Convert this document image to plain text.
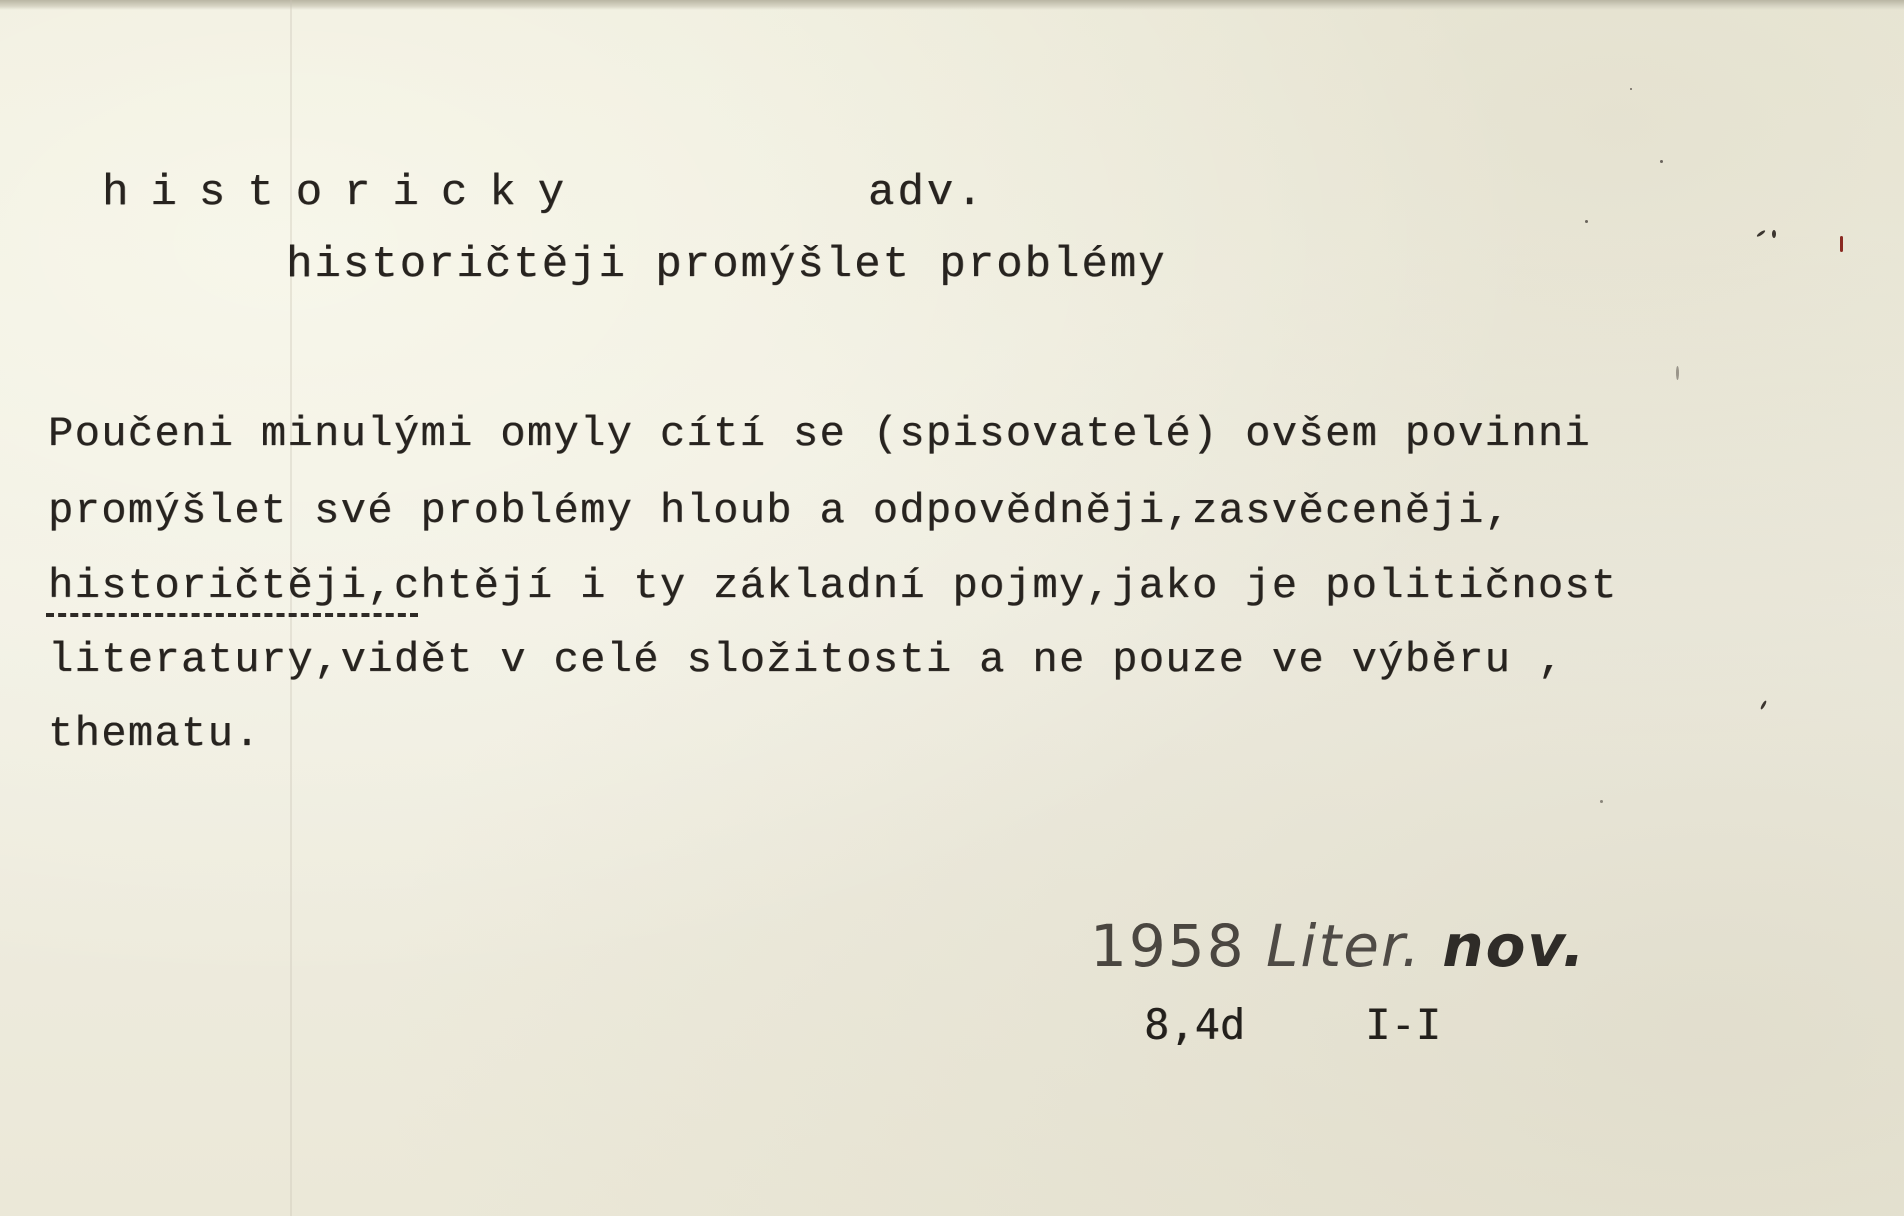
historicky	adv.
historičtěji promýšlet problémy
Poučeni minulými omyly cítí se (spisovatelé) ovšem povinni
promýšlet své problémy hloub a odpovědněji,zasvěceněji,
historičtěji,chtějí i ty základní pojmy,jako je političnost
literatury,vidět v celé složitosti a ne pouze ve výběru ,
thematu.
1958 Liter. nov.
8,4d	I-I
